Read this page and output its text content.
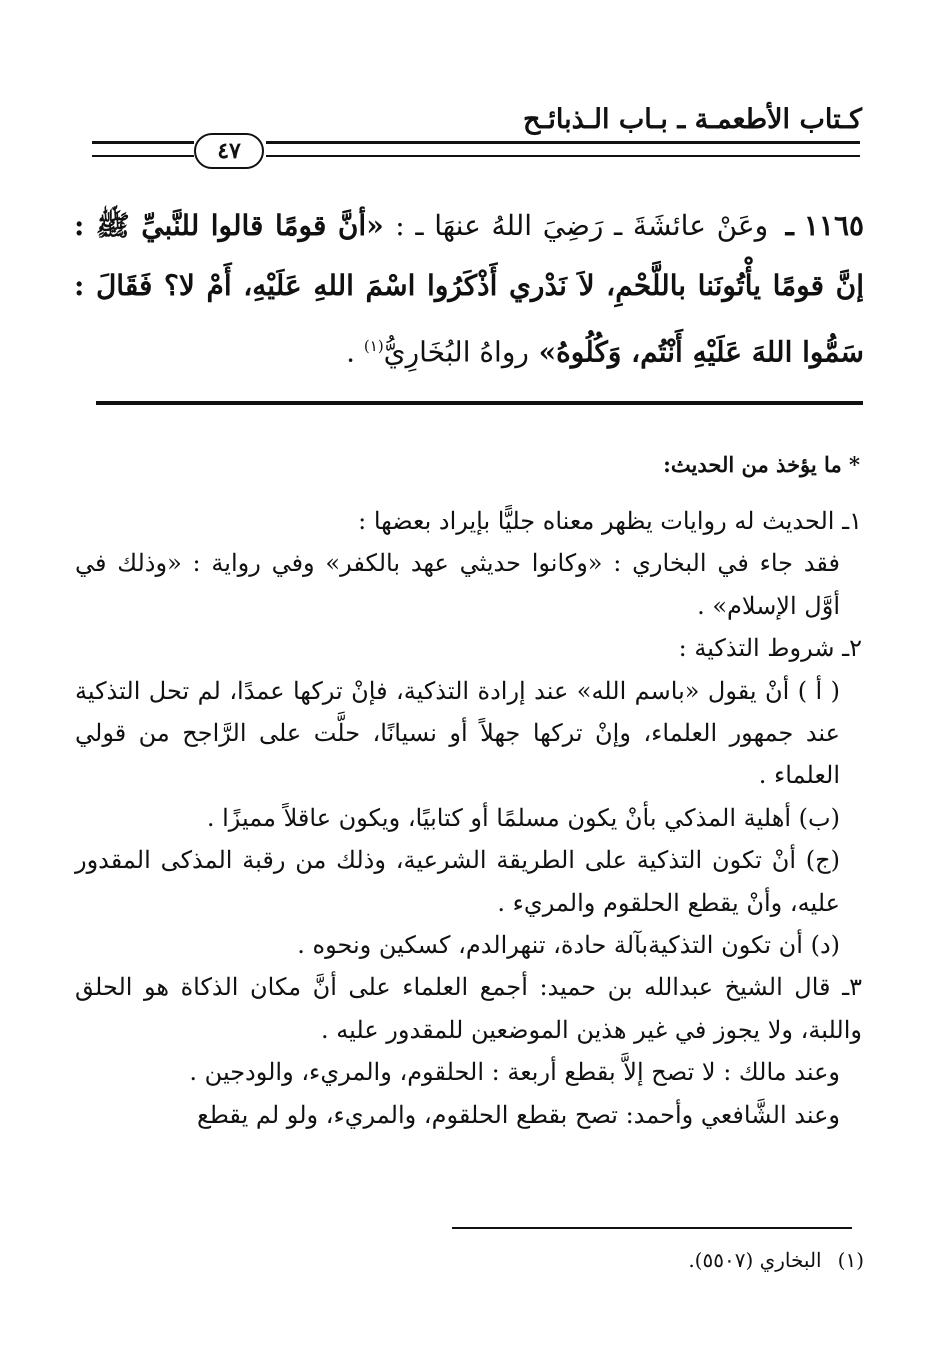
كـتاب الأطعمـة ـ بـاب الـذبائـح
٤٧
١١٦٥ـ وعَنْ عائشَةَ ـ رَضِيَ اللهُ عنهَا ـ : «أنَّ قومًا قالوا للنَّبيِّ ﷺ : إنَّ قومًا يأْتُونَنا باللَّحْمِ، لاَ نَدْري أَذْكَرُوا اسْمَ اللهِ عَلَيْهِ، أَمْ لا؟ فَقَالَ : سَمُّوا اللهَ عَلَيْهِ أَنْتُم، وَكُلُوهُ» رواهُ البُخَارِيُّ$^{(١)}$ .
* ما يؤخذ من الحديث:

١ـ الحديث له روايات يظهر معناه جليًّا بإيراد بعضها :

فقد جاء في البخاري : «وكانوا حديثي عهد بالكفر» وفي رواية : «وذلك في أوَّل الإسلام» .

٢ـ شروط التذكية :

( أ ) أنْ يقول «باسم الله» عند إرادة التذكية، فإنْ تركها عمدًا، لم تحل التذكية عند جمهور العلماء، وإنْ تركها جهلاً أو نسيانًا، حلَّت على الرَّاجح من قولي العلماء .

(ب) أهلية المذكي بأنْ يكون مسلمًا أو كتابيًا، ويكون عاقلاً مميزًا .

(ج) أنْ تكون التذكية على الطريقة الشرعية، وذلك من رقبة المذكى المقدور عليه، وأنْ يقطع الحلقوم والمريء .

(د) أن تكون التذكيةبآلة حادة، تنهرالدم، كسكين ونحوه .

٣ـ قال الشيخ عبدالله بن حميد: أجمع العلماء على أنَّ مكان الذكاة هو الحلق واللبة، ولا يجوز في غير هذين الموضعين للمقدور عليه .

وعند مالك : لا تصح إلاَّ بقطع أربعة : الحلقوم، والمريء، والودجين .

وعند الشَّافعي وأحمد: تصح بقطع الحلقوم، والمريء، ولو لم يقطع

(١)البخاري (٥٥٠٧).
